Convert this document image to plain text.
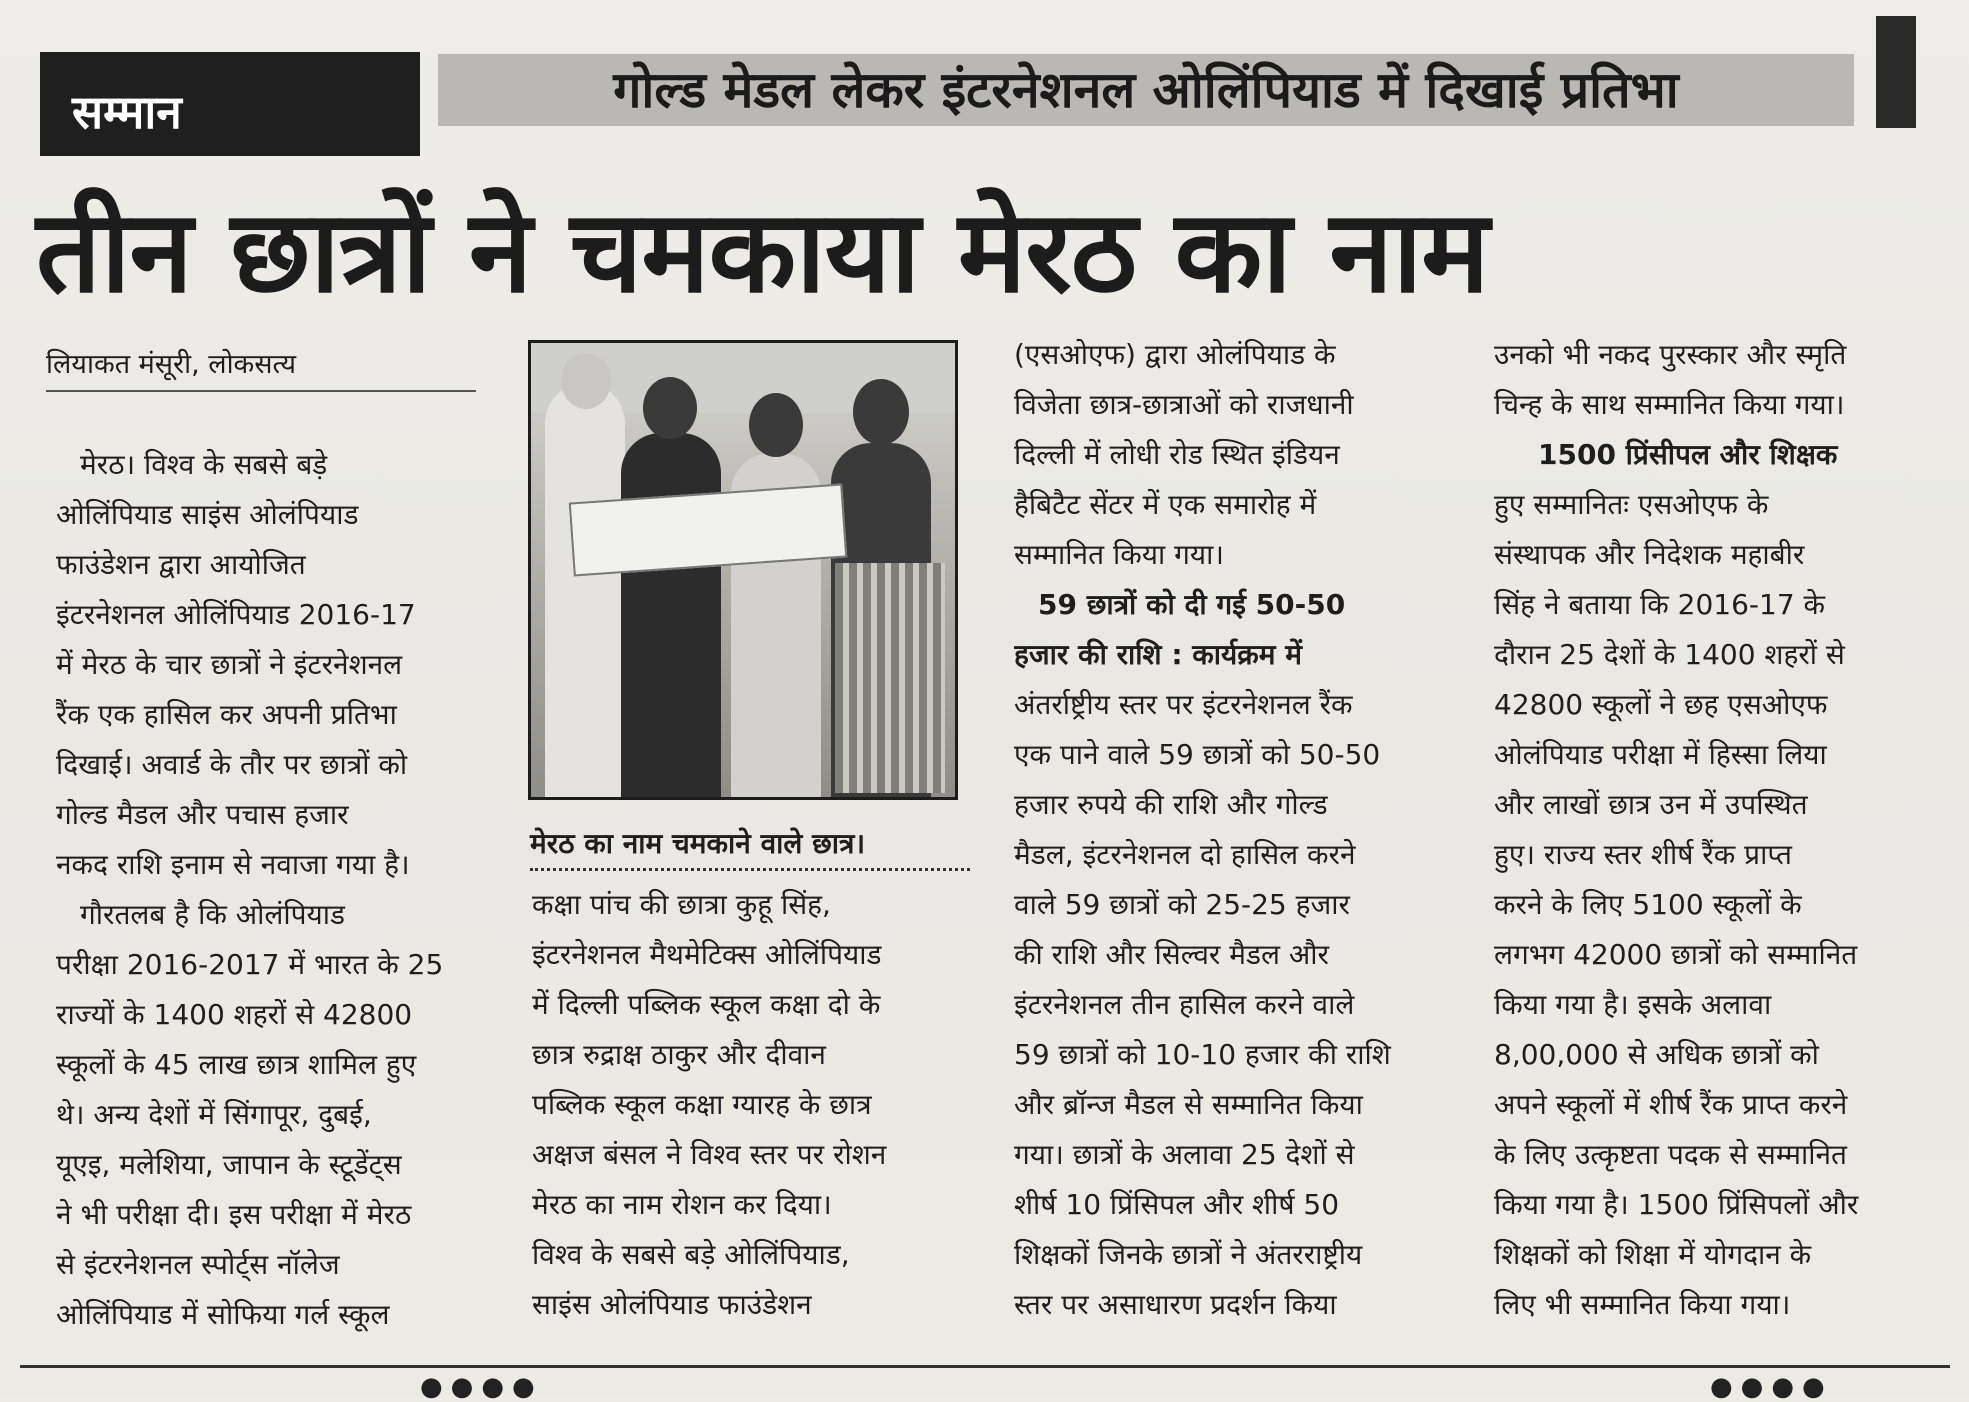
सम्मान	गोल्ड मेडल लेकर इंटरनेशनल ओलिंपियाड में दिखाई प्रतिभा
तीन छात्रों ने चमकाया मेरठ का नाम
लियाकत मंसूरी, लोकसत्य
मेरठ। विश्व के सबसे बड़े
ओलिंपियाड साइंस ओलंपियाड
फाउंडेशन द्वारा आयोजित
इंटरनेशनल ओलिंपियाड 2016-17
में मेरठ के चार छात्रों ने इंटरनेशनल
रैंक एक हासिल कर अपनी प्रतिभा
दिखाई। अवार्ड के तौर पर छात्रों को
गोल्ड मैडल और पचास हजार
नकद राशि इनाम से नवाजा गया है।
गौरतलब है कि ओलंपियाड
परीक्षा 2016-2017 में भारत के 25
राज्यों के 1400 शहरों से 42800
स्कूलों के 45 लाख छात्र शामिल हुए
थे। अन्य देशों में सिंगापूर, दुबई,
यूएइ, मलेशिया, जापान के स्टूडेंट्स
ने भी परीक्षा दी। इस परीक्षा में मेरठ
से इंटरनेशनल स्पोर्ट्स नॉलेज
ओलिंपियाड में सोफिया गर्ल स्कूल
मेरठ का नाम चमकाने वाले छात्र।
कक्षा पांच की छात्रा कुहू सिंह,
इंटरनेशनल मैथमेटिक्स ओलिंपियाड
में दिल्ली पब्लिक स्कूल कक्षा दो के
छात्र रुद्राक्ष ठाकुर और दीवान
पब्लिक स्कूल कक्षा ग्यारह के छात्र
अक्षज बंसल ने विश्व स्तर पर रोशन
मेरठ का नाम रोशन कर दिया।
विश्व के सबसे बड़े ओलिंपियाड,
साइंस ओलंपियाड फाउंडेशन
(एसओएफ) द्वारा ओलंपियाड के
विजेता छात्र-छात्राओं को राजधानी
दिल्ली में लोधी रोड स्थित इंडियन
हैबिटैट सेंटर में एक समारोह में
सम्मानित किया गया।
59 छात्रों को दी गई 50-50
हजार की राशि : कार्यक्रम में
अंतर्राष्ट्रीय स्तर पर इंटरनेशनल रैंक
एक पाने वाले 59 छात्रों को 50-50
हजार रुपये की राशि और गोल्ड
मैडल, इंटरनेशनल दो हासिल करने
वाले 59 छात्रों को 25-25 हजार
की राशि और सिल्वर मैडल और
इंटरनेशनल तीन हासिल करने वाले
59 छात्रों को 10-10 हजार की राशि
और ब्रॉन्ज मैडल से सम्मानित किया
गया। छात्रों के अलावा 25 देशों से
शीर्ष 10 प्रिंसिपल और शीर्ष 50
शिक्षकों जिनके छात्रों ने अंतरराष्ट्रीय
स्तर पर असाधारण प्रदर्शन किया
उनको भी नकद पुरस्कार और स्मृति
चिन्ह के साथ सम्मानित किया गया।
1500 प्रिंसीपल और शिक्षक
हुए सम्मानितः एसओएफ के
संस्थापक और निदेशक महाबीर
सिंह ने बताया कि 2016-17 के
दौरान 25 देशों के 1400 शहरों से
42800 स्कूलों ने छह एसओएफ
ओलंपियाड परीक्षा में हिस्सा लिया
और लाखों छात्र उन में उपस्थित
हुए। राज्य स्तर शीर्ष रैंक प्राप्त
करने के लिए 5100 स्कूलों के
लगभग 42000 छात्रों को सम्मानित
किया गया है। इसके अलावा
8,00,000 से अधिक छात्रों को
अपने स्कूलों में शीर्ष रैंक प्राप्त करने
के लिए उत्कृष्टता पदक से सम्मानित
किया गया है। 1500 प्रिंसिपलों और
शिक्षकों को शिक्षा में योगदान के
लिए भी सम्मानित किया गया।
●●●●	●●●●
